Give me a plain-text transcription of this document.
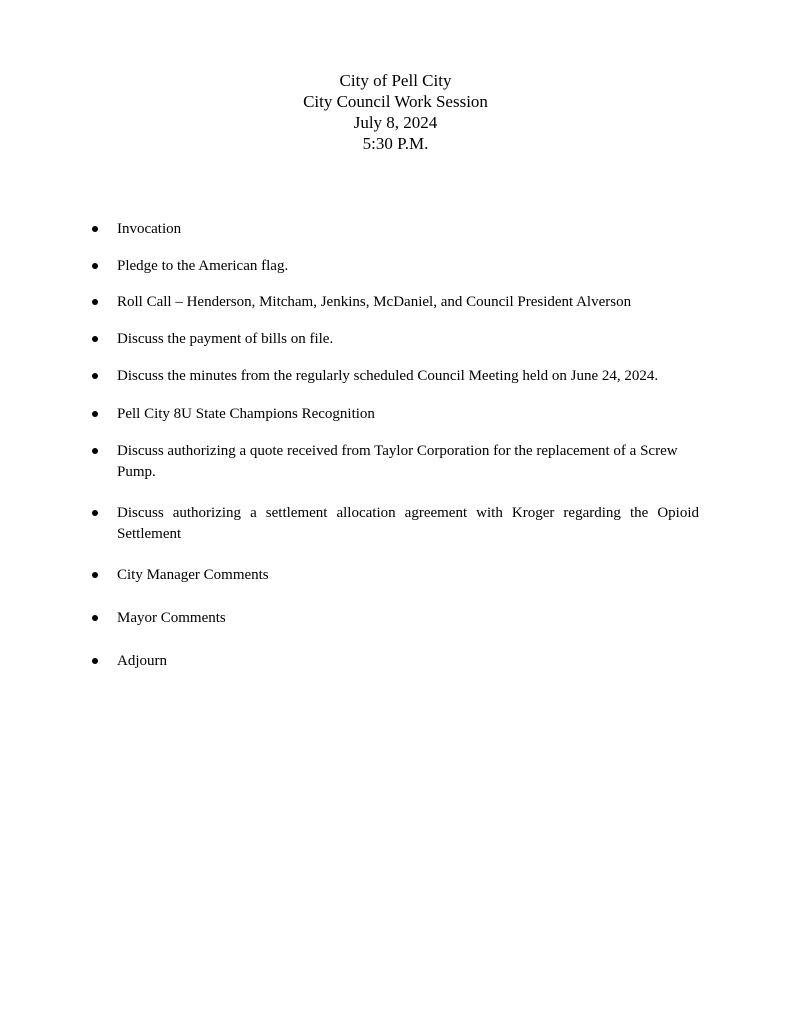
City of Pell City
City Council Work Session
July 8, 2024
5:30 P.M.
Invocation
Pledge to the American flag.
Roll Call – Henderson, Mitcham, Jenkins, McDaniel, and Council President Alverson
Discuss the payment of bills on file.
Discuss the minutes from the regularly scheduled Council Meeting held on June 24, 2024.
Pell City 8U State Champions Recognition
Discuss authorizing a quote received from Taylor Corporation for the replacement of a Screw Pump.
Discuss authorizing a settlement allocation agreement with Kroger regarding the Opioid Settlement
City Manager Comments
Mayor Comments
Adjourn
